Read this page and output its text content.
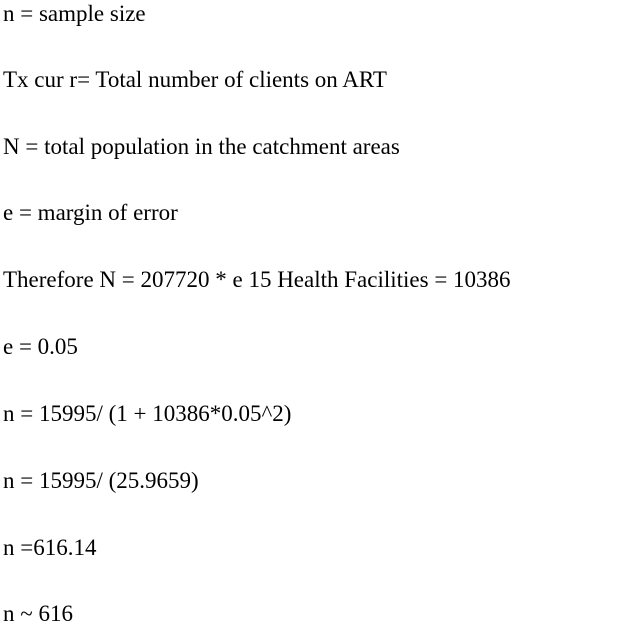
n = sample size

Tx cur r= Total number of clients on ART

N = total population in the catchment areas

e = margin of error

Therefore N = 207720 * e 15 Health Facilities = 10386

e = 0.05

n = 15995/ (1 + 10386*0.05^2)

n = 15995/ (25.9659)

n =616.14

n ~ 616
